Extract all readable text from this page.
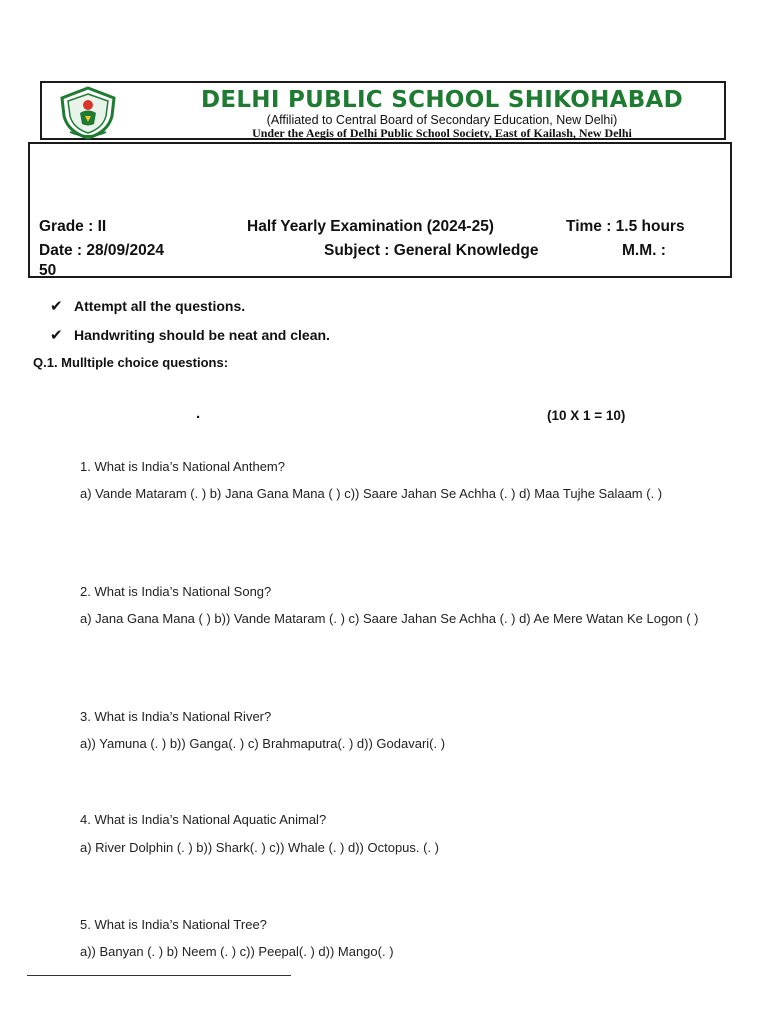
DELHI PUBLIC SCHOOL SHIKOHABAD
(Affiliated to Central Board of Secondary Education, New Delhi)
Under the Aegis of Delhi Public School Society, East of Kailash, New Delhi
Grade : II	Half Yearly Examination (2024-25)	Time : 1.5 hours
Date : 28/09/2024	Subject : General Knowledge	M.M. :
50
✔ Attempt all the questions.
✔ Handwriting should be neat and clean.
Q.1. Mulltiple choice questions:
.	(10 X 1 = 10)
1. What is India’s National Anthem?
a) Vande Mataram (. ) b) Jana Gana Mana ( ) c)) Saare Jahan Se Achha (. ) d) Maa Tujhe Salaam (. )
2. What is India’s National Song?
a) Jana Gana Mana ( ) b)) Vande Mataram (. ) c) Saare Jahan Se Achha (. ) d) Ae Mere Watan Ke Logon ( )
3. What is India’s National River?
a)) Yamuna (. ) b)) Ganga(. ) c) Brahmaputra(. ) d)) Godavari(. )
4. What is India’s National Aquatic Animal?
a) River Dolphin (. ) b)) Shark(. ) c)) Whale (. ) d)) Octopus. (. )
5. What is India’s National Tree?
a)) Banyan (. ) b) Neem (. ) c)) Peepal(. ) d)) Mango(. )
